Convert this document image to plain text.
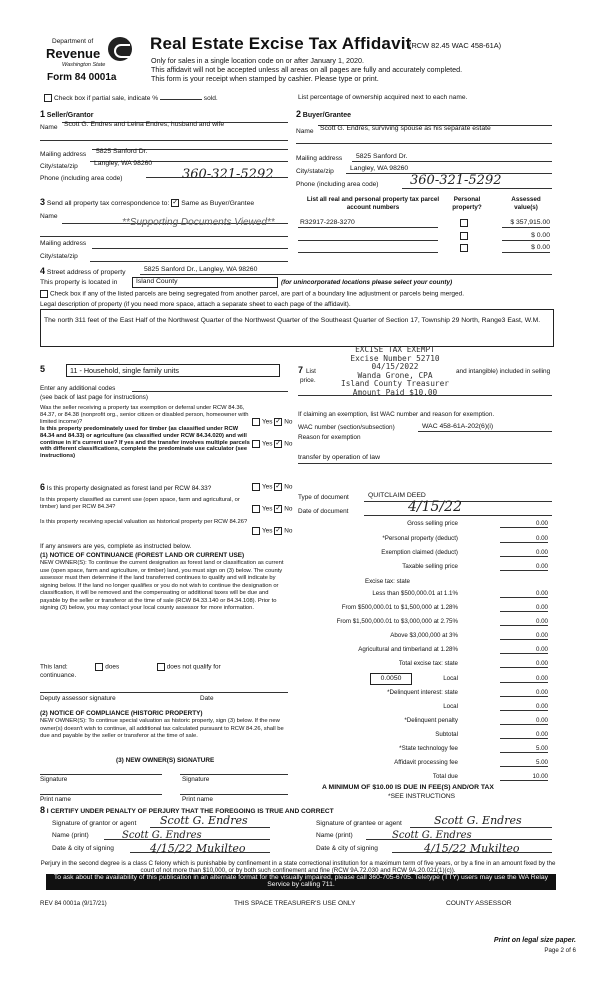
Department of
Revenue
Washington State
Form 84 0001a
Real Estate Excise Tax Affidavit
(RCW 82.45 WAC 458-61A)
Only for sales in a single location code on or after January 1, 2020.
This affidavit will not be accepted unless all areas on all pages are fully and accurately completed.
This form is your receipt when stamped by cashier. Please type or print.
Check box if partial sale, indicate %	sold.	List percentage of ownership acquired next to each name.
1 Seller/Grantor
Name Scott G. Endres and Leina Endres, husband and wife
2 Buyer/Grantee
Name Scott G. Endres, surviving spouse as his separate estate
Mailing address 5825 Sanford Dr.
City/state/zip Langley, WA 98260
Phone (including area code)	360-321-5292
Mailing address 5825 Sanford Dr.
City/state/zip Langley, WA 98260
Phone (including area code) 360-321-5292
3 Send all property tax correspondence to: ✓ Same as Buyer/Grantee
Name
**Supporting Documents Viewed**
Mailing address
City/state/zip
List all real and personal property tax parcel account numbers
Personal property?
Assessed value(s)
R32917-228-3270	$ 357,915.00
$ 0.00
$ 0.00
4 Street address of property	5825 Sanford Dr., Langley, WA 98260
This property is located in	Island County	(for unincorporated locations please select your county)
Check box if any of the listed parcels are being segregated from another parcel, are part of a boundary line adjustment or parcels being merged.
Legal description of property (if you need more space, attach a separate sheet to each page of the affidavit).
The north 311 feet of the East Half of the Northwest Quarter of the Northwest Quarter of the Southeast Quarter of Section 17, Township 29 North, Range3 East, W.M.
EXCISE TAX EXEMPT
Excise Number 52710
04/15/2022
Wanda Grone, CPA
Island County Treasurer
Amount Paid $10.00
5	11 - Household, single family units
Enter any additional codes
(see back of last page for instructions)
Was the seller receiving a property tax exemption or deferral under RCW 84.36, 84.37, or 84.38 (nonprofit org., senior citizen or disabled person, homeowner with limited income)?	Yes ✓ No
Is this property predominately used for timber (as classified under RCW 84.34 and 84.33) or agriculture (as classified under RCW 84.34.020) and will continue in it's current use? If yes and the transfer involves multiple parcels with different classifications, complete the predominate use calculator (see instructions)
Yes ✓ No
7 List
price.
and intangible) included in selling
If claiming an exemption, list WAC number and reason for exemption.
WAC number (section/subsection)	WAC 458-61A-202(6)(i)
Reason for exemption
transfer by operation of law
6 Is this property designated as forest land per RCW 84.33?	Yes ✓ No
Is this property classified as current use (open space, farm and agricultural, or timber) land per RCW 84.34?	Yes ✓ No
Is this property receiving special valuation as historical property per RCW 84.26?
Yes ✓ No
If any answers are yes, complete as instructed below.
(1) NOTICE OF CONTINUANCE (FOREST LAND OR CURRENT USE)
NEW OWNER(S): To continue the current designation as forest land or classification as current use (open space, farm and agriculture, or timber) land, you must sign on (3) below. The county assessor must then determine if the land transferred continues to qualify and will indicate by signing below. If the land no longer qualifies or you do not wish to continue the designation or classification, it will be removed and the compensating or additional taxes will be due and payable by the seller or transferor at the time of sale (RCW 84.33.140 or 84.34.108). Prior to signing (3) below, you may contact your local county assessor for more information.
This land:	does	does not qualify for
continuance.
Deputy assessor signature	Date
(2) NOTICE OF COMPLIANCE (HISTORIC PROPERTY)
NEW OWNER(S): To continue special valuation as historic property, sign (3) below. If the new owner(s) doesn't wish to continue, all additional tax calculated pursuant to RCW 84.26, shall be due and payable by the seller or transferor at the time of sale.
(3) NEW OWNER(S) SIGNATURE
Signature	Signature
Print name	Print name
Type of document	QUITCLAIM DEED
Date of document	4/15/22
Gross selling price	0.00
*Personal property (deduct)	0.00
Exemption claimed (deduct)	0.00
Taxable selling price	0.00
Excise tax: state
Less than $500,000.01 at 1.1%	0.00
From $500,000.01 to $1,500,000 at 1.28%	0.00
From $1,500,000.01 to $3,000,000 at 2.75%	0.00
Above $3,000,000 at 3%	0.00
Agricultural and timberland at 1.28%	0.00
Total excise tax: state	0.00
0.0050	Local	0.00
*Delinquent interest: state	0.00
Local	0.00
*Delinquent penalty	0.00
Subtotal	0.00
*State technology fee	5.00
Affidavit processing fee	5.00
Total due	10.00
A MINIMUM OF $10.00 IS DUE IN FEE(S) AND/OR TAX
*SEE INSTRUCTIONS
8 I CERTIFY UNDER PENALTY OF PERJURY THAT THE FOREGOING IS TRUE AND CORRECT
Signature of grantor or agent
Name (print)
Date & city of signing
Scott G. Endres
Scott G. Endres
4/15/22 Mukilteo
Signature of grantee or agent
Name (print)
Date & city of signing
Scott G. Endres
Scott G. Endres
4/15/22 Mukilteo
Perjury in the second degree is a class C felony which is punishable by confinement in a state correctional institution for a maximum term of five years, or by a fine in an amount fixed by the court of not more than $10,000, or by both such confinement and fine (RCW 9A.72.030 and RCW 9A.20.021(1)(c)).
To ask about the availability of this publication in an alternate format for the visually impaired, please call 360-705-6705. Teletype (TTY) users may use the WA Relay Service by calling 711.
REV 84 0001a (9/17/21)	THIS SPACE TREASURER'S USE ONLY	COUNTY ASSESSOR
Print on legal size paper.
Page 2 of 6
